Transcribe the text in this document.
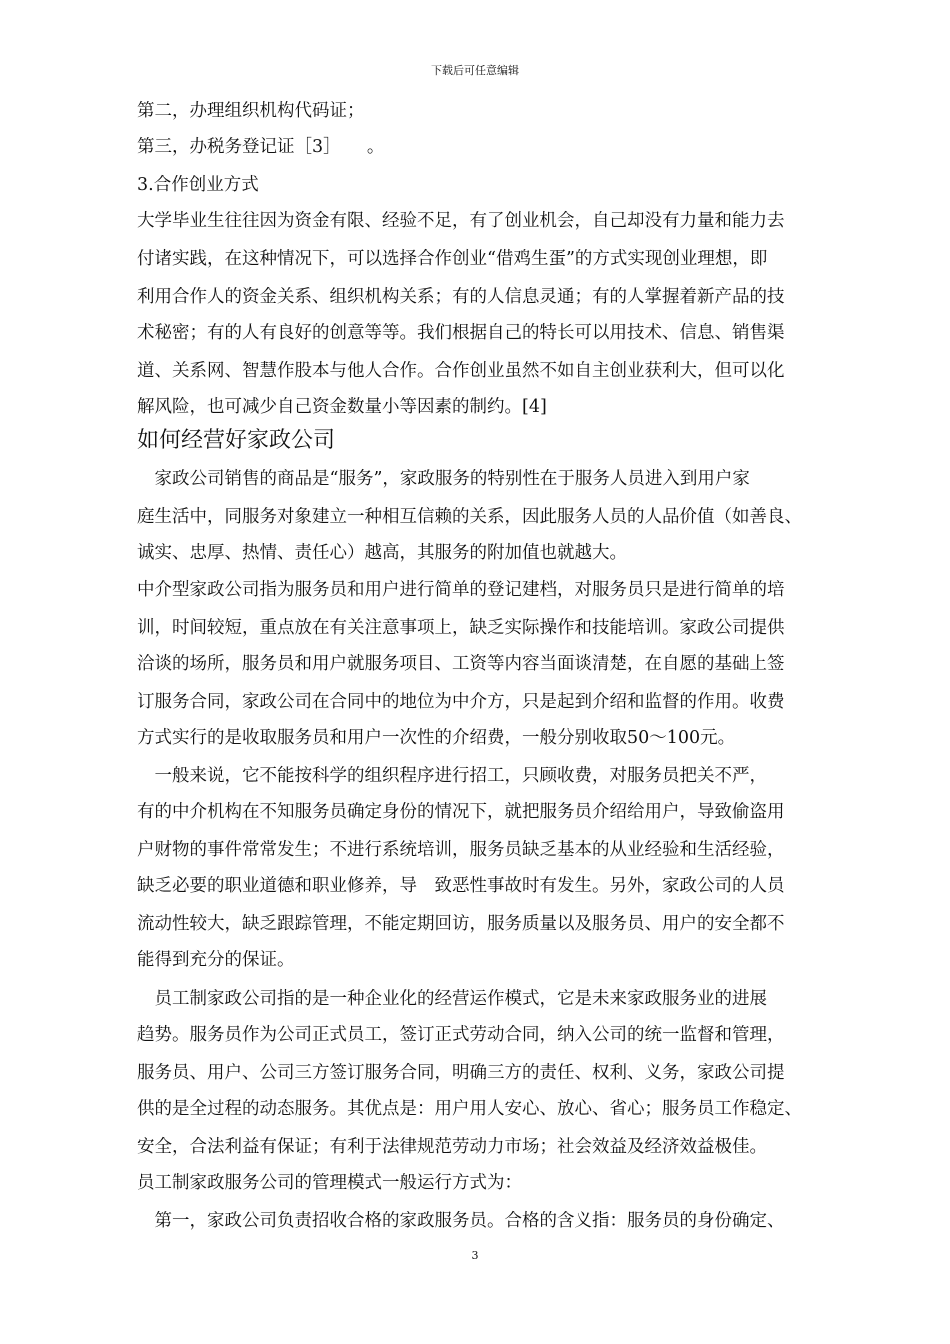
下载后可任意编辑
第二，办理组织机构代码证；
第三，办税务登记证［3］　　。
3.合作创业方式
大学毕业生往往因为资金有限、经验不足，有了创业机会，自己却没有力量和能力去
付诸实践，在这种情况下，可以选择合作创业“借鸡生蛋”的方式实现创业理想，即
利用合作人的资金关系、组织机构关系；有的人信息灵通；有的人掌握着新产品的技
术秘密；有的人有良好的创意等等。我们根据自己的特长可以用技术、信息、销售渠
道、关系网、智慧作股本与他人合作。合作创业虽然不如自主创业获利大，但可以化
解风险，也可减少自己资金数量小等因素的制约。[4]
如何经营好家政公司
　家政公司销售的商品是“服务”，家政服务的特别性在于服务人员进入到用户家
庭生活中，同服务对象建立一种相互信赖的关系，因此服务人员的人品价值（如善良、
诚实、忠厚、热情、责任心）越高，其服务的附加值也就越大。
中介型家政公司指为服务员和用户进行简单的登记建档，对服务员只是进行简单的培
训，时间较短，重点放在有关注意事项上，缺乏实际操作和技能培训。家政公司提供
洽谈的场所，服务员和用户就服务项目、工资等内容当面谈清楚，在自愿的基础上签
订服务合同，家政公司在合同中的地位为中介方，只是起到介绍和监督的作用。收费
方式实行的是收取服务员和用户一次性的介绍费，一般分别收取50～100元。
　一般来说，它不能按科学的组织程序进行招工，只顾收费，对服务员把关不严，
有的中介机构在不知服务员确定身份的情况下，就把服务员介绍给用户，导致偷盗用
户财物的事件常常发生；不进行系统培训，服务员缺乏基本的从业经验和生活经验，
缺乏必要的职业道德和职业修养，导　致恶性事故时有发生。另外，家政公司的人员
流动性较大，缺乏跟踪管理，不能定期回访，服务质量以及服务员、用户的安全都不
能得到充分的保证。
　员工制家政公司指的是一种企业化的经营运作模式，它是未来家政服务业的进展
趋势。服务员作为公司正式员工，签订正式劳动合同，纳入公司的统一监督和管理，
服务员、用户、公司三方签订服务合同，明确三方的责任、权利、义务，家政公司提
供的是全过程的动态服务。其优点是：用户用人安心、放心、省心；服务员工作稳定、
安全，合法利益有保证；有利于法律规范劳动力市场；社会效益及经济效益极佳。
员工制家政服务公司的管理模式一般运行方式为：
　第一，家政公司负责招收合格的家政服务员。合格的含义指：服务员的身份确定、
3
